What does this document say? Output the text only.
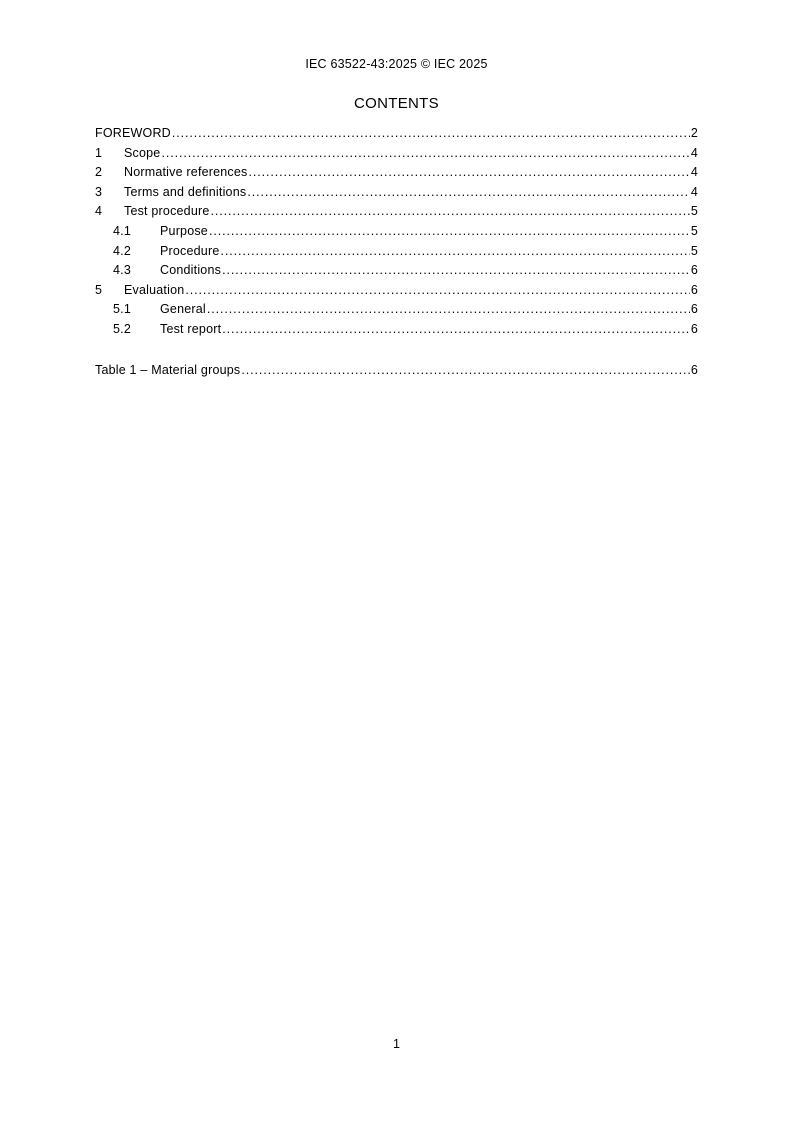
IEC 63522-43:2025 © IEC 2025
CONTENTS
FOREWORD .....	2
1	Scope .....	4
2	Normative references .....	4
3	Terms and definitions .....	4
4	Test procedure .....	5
4.1	Purpose .....	5
4.2	Procedure .....	5
4.3	Conditions .....	6
5	Evaluation .....	6
5.1	General .....	6
5.2	Test report .....	6
Table 1 – Material groups .....	6
1
